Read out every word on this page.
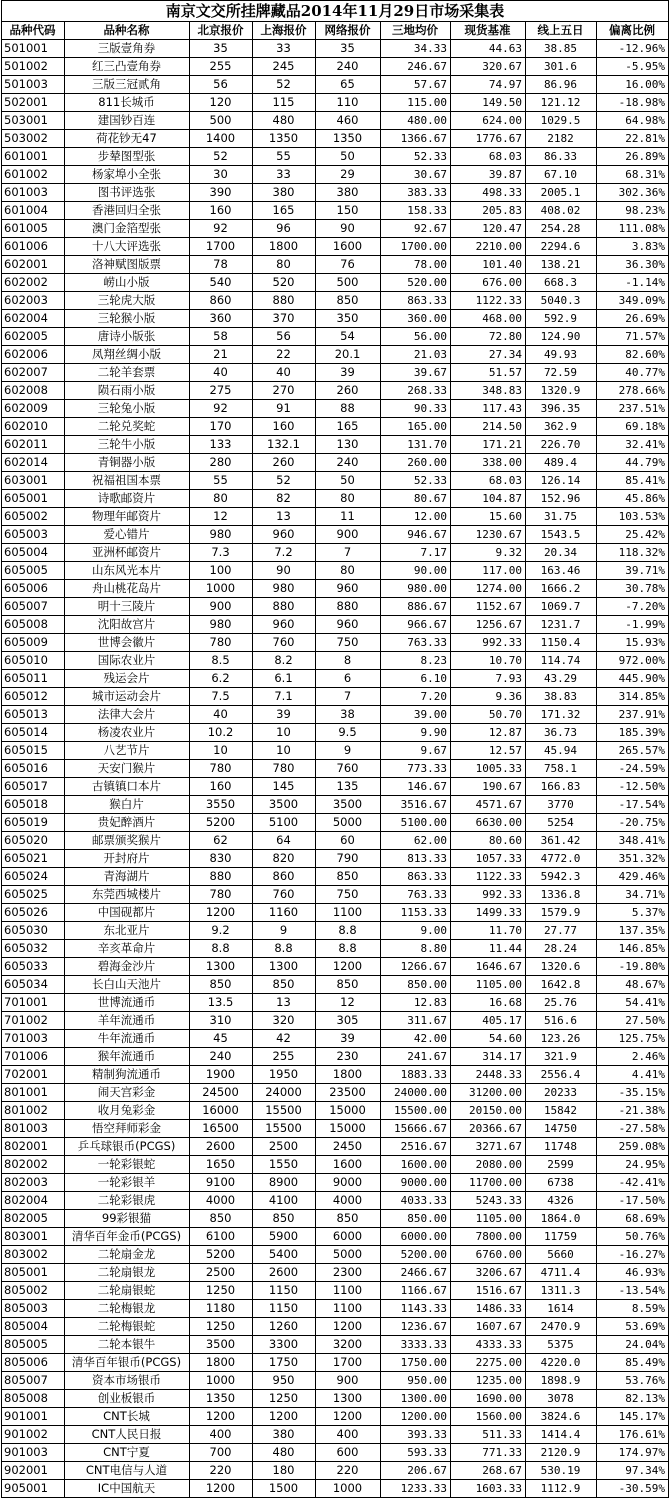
南京文交所挂牌藏品2014年11月29日市场采集表
品种代码	品种名称	北京报价	上海报价	网络报价	三地均价	现货基准	线上五日	偏离比例
501001	三版壹角券	35	33	35	34.33	44.63	38.85	-12.96%
501002	红三凸壹角券	255	245	240	246.67	320.67	301.6	-5.95%
501003	三版三冠贰角	56	52	65	57.67	74.97	86.96	16.00%
502001	811长城币	120	115	110	115.00	149.50	121.12	-18.98%
503001	建国钞百连	500	480	460	480.00	624.00	1029.5	64.98%
503002	荷花钞无47	1400	1350	1350	1366.67	1776.67	2182	22.81%
601001	步辇图型张	52	55	50	52.33	68.03	86.33	26.89%
601002	杨家埠小全张	30	33	29	30.67	39.87	67.10	68.31%
601003	图书评选张	390	380	380	383.33	498.33	2005.1	302.36%
601004	香港回归全张	160	165	150	158.33	205.83	408.02	98.23%
601005	澳门金箔型张	92	96	90	92.67	120.47	254.28	111.08%
601006	十八大评选张	1700	1800	1600	1700.00	2210.00	2294.6	3.83%
602001	洛神赋图版票	78	80	76	78.00	101.40	138.21	36.30%
602002	崂山小版	540	520	500	520.00	676.00	668.3	-1.14%
602003	三轮虎大版	860	880	850	863.33	1122.33	5040.3	349.09%
602004	三轮猴小版	360	370	350	360.00	468.00	592.9	26.69%
602005	唐诗小版张	58	56	54	56.00	72.80	124.90	71.57%
602006	凤翔丝绸小版	21	22	20.1	21.03	27.34	49.93	82.60%
602007	二轮羊套票	40	40	39	39.67	51.57	72.59	40.77%
602008	陨石雨小版	275	270	260	268.33	348.83	1320.9	278.66%
602009	三轮兔小版	92	91	88	90.33	117.43	396.35	237.51%
602010	二轮兑奖蛇	170	160	165	165.00	214.50	362.9	69.18%
602011	三轮牛小版	133	132.1	130	131.70	171.21	226.70	32.41%
602014	青铜器小版	280	260	240	260.00	338.00	489.4	44.79%
603001	祝福祖国本票	55	52	50	52.33	68.03	126.14	85.41%
605001	诗歌邮资片	80	82	80	80.67	104.87	152.96	45.86%
605002	物理年邮资片	12	13	11	12.00	15.60	31.75	103.53%
605003	爱心错片	980	960	900	946.67	1230.67	1543.5	25.42%
605004	亚洲杯邮资片	7.3	7.2	7	7.17	9.32	20.34	118.32%
605005	山东风光本片	100	90	80	90.00	117.00	163.46	39.71%
605006	舟山桃花岛片	1000	980	960	980.00	1274.00	1666.2	30.78%
605007	明十三陵片	900	880	880	886.67	1152.67	1069.7	-7.20%
605008	沈阳故宫片	980	960	960	966.67	1256.67	1231.7	-1.99%
605009	世博会徽片	780	760	750	763.33	992.33	1150.4	15.93%
605010	国际农业片	8.5	8.2	8	8.23	10.70	114.74	972.00%
605011	残运会片	6.2	6.1	6	6.10	7.93	43.29	445.90%
605012	城市运动会片	7.5	7.1	7	7.20	9.36	38.83	314.85%
605013	法律大会片	40	39	38	39.00	50.70	171.32	237.91%
605014	杨凌农业片	10.2	10	9.5	9.90	12.87	36.73	185.39%
605015	八艺节片	10	10	9	9.67	12.57	45.94	265.57%
605016	天安门猴片	780	780	760	773.33	1005.33	758.1	-24.59%
605017	古镇镇口本片	160	145	135	146.67	190.67	166.83	-12.50%
605018	猴白片	3550	3500	3500	3516.67	4571.67	3770	-17.54%
605019	贵妃醉酒片	5200	5100	5000	5100.00	6630.00	5254	-20.75%
605020	邮票颁奖猴片	62	64	60	62.00	80.60	361.42	348.41%
605021	开封府片	830	820	790	813.33	1057.33	4772.0	351.32%
605024	青海湖片	880	860	850	863.33	1122.33	5942.3	429.46%
605025	东莞西城楼片	780	760	750	763.33	992.33	1336.8	34.71%
605026	中国砚都片	1200	1160	1100	1153.33	1499.33	1579.9	5.37%
605030	东北亚片	9.2	9	8.8	9.00	11.70	27.77	137.35%
605032	辛亥革命片	8.8	8.8	8.8	8.80	11.44	28.24	146.85%
605033	碧海金沙片	1300	1300	1200	1266.67	1646.67	1320.6	-19.80%
605034	长白山天池片	850	850	850	850.00	1105.00	1642.8	48.67%
701001	世博流通币	13.5	13	12	12.83	16.68	25.76	54.41%
701002	羊年流通币	310	320	305	311.67	405.17	516.6	27.50%
701003	牛年流通币	45	42	39	42.00	54.60	123.26	125.75%
701006	猴年流通币	240	255	230	241.67	314.17	321.9	2.46%
702001	精制狗流通币	1900	1950	1800	1883.33	2448.33	2556.4	4.41%
801001	闹天宫彩金	24500	24000	23500	24000.00	31200.00	20233	-35.15%
801002	收月兔彩金	16000	15500	15000	15500.00	20150.00	15842	-21.38%
801003	悟空拜师彩金	16500	15500	15000	15666.67	20366.67	14750	-27.58%
802001	乒乓球银币(PCGS)	2600	2500	2450	2516.67	3271.67	11748	259.08%
802002	一轮彩银蛇	1650	1550	1600	1600.00	2080.00	2599	24.95%
802003	一轮彩银羊	9100	8900	9000	9000.00	11700.00	6738	-42.41%
802004	二轮彩银虎	4000	4100	4000	4033.33	5243.33	4326	-17.50%
802005	99彩银猫	850	850	850	850.00	1105.00	1864.0	68.69%
803001	清华百年金币(PCGS)	6100	5900	6000	6000.00	7800.00	11759	50.76%
803002	二轮扇金龙	5200	5400	5000	5200.00	6760.00	5660	-16.27%
805001	二轮扇银龙	2500	2600	2300	2466.67	3206.67	4711.4	46.93%
805002	二轮扇银蛇	1250	1150	1100	1166.67	1516.67	1311.3	-13.54%
805003	二轮梅银龙	1180	1150	1100	1143.33	1486.33	1614	8.59%
805004	二轮梅银蛇	1250	1260	1200	1236.67	1607.67	2470.9	53.69%
805005	二轮本银牛	3500	3300	3200	3333.33	4333.33	5375	24.04%
805006	清华百年银币(PCGS)	1800	1750	1700	1750.00	2275.00	4220.0	85.49%
805007	资本市场银币	1000	950	900	950.00	1235.00	1898.9	53.76%
805008	创业板银币	1350	1250	1300	1300.00	1690.00	3078	82.13%
901001	CNT长城	1200	1200	1200	1200.00	1560.00	3824.6	145.17%
901002	CNT人民日报	400	380	400	393.33	511.33	1414.4	176.61%
901003	CNT宁夏	700	480	600	593.33	771.33	2120.9	174.97%
902001	CNT电信与人道	220	180	220	206.67	268.67	530.19	97.34%
905001	IC中国航天	1200	1500	1000	1233.33	1603.33	1112.9	-30.59%
